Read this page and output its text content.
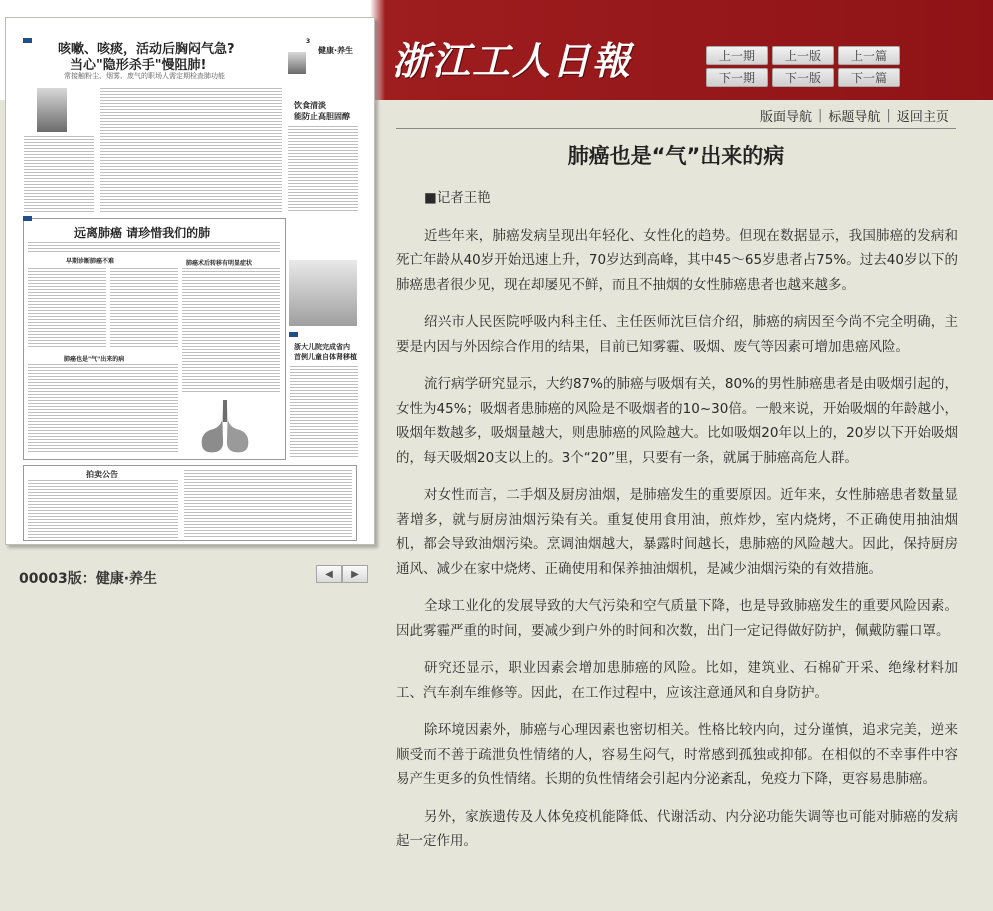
浙江工人日報	上一期	上一版	上一篇
下一期	下一版	下一篇

咳嗽、咳痰，活动后胸闷气急?
当心"隐形杀手"慢阻肺!
常接触粉尘、烟雾、废气的职场人需定期检查肺功能
3
健康·养生
饮食清淡
能防止高胆固醇

远离肺癌 请珍惜我们的肺
早期诊断肺癌不难	肺癌术后转移有明显症状
肺癌也是"气"出来的病

浙大儿院完成省内
首例儿童自体肾移植
拍卖公告
00003版：健康·养生	◀	▶
版面导航 | 标题导航 | 返回主页
肺癌也是“气”出来的病

■记者王艳

近些年来，肺癌发病呈现出年轻化、女性化的趋势。但现在数据显示，我国肺癌的发病和死亡年龄从40岁开始迅速上升，70岁达到高峰，其中45～65岁患者占75%。过去40岁以下的肺癌患者很少见，现在却屡见不鲜，而且不抽烟的女性肺癌患者也越来越多。

绍兴市人民医院呼吸内科主任、主任医师沈巨信介绍，肺癌的病因至今尚不完全明确，主要是内因与外因综合作用的结果，目前已知雾霾、吸烟、废气等因素可增加患癌风险。

流行病学研究显示，大约87%的肺癌与吸烟有关，80%的男性肺癌患者是由吸烟引起的，女性为45%；吸烟者患肺癌的风险是不吸烟者的10~30倍。一般来说，开始吸烟的年龄越小，吸烟年数越多，吸烟量越大，则患肺癌的风险越大。比如吸烟20年以上的，20岁以下开始吸烟的，每天吸烟20支以上的。3个“20”里，只要有一条，就属于肺癌高危人群。

对女性而言，二手烟及厨房油烟，是肺癌发生的重要原因。近年来，女性肺癌患者数量显著增多，就与厨房油烟污染有关。重复使用食用油，煎炸炒，室内烧烤，不正确使用抽油烟机，都会导致油烟污染。烹调油烟越大，暴露时间越长，患肺癌的风险越大。因此，保持厨房通风、减少在家中烧烤、正确使用和保养抽油烟机，是减少油烟污染的有效措施。

全球工业化的发展导致的大气污染和空气质量下降，也是导致肺癌发生的重要风险因素。因此雾霾严重的时间，要减少到户外的时间和次数，出门一定记得做好防护，佩戴防霾口罩。

研究还显示，职业因素会增加患肺癌的风险。比如，建筑业、石棉矿开采、绝缘材料加工、汽车刹车维修等。因此，在工作过程中，应该注意通风和自身防护。

除环境因素外，肺癌与心理因素也密切相关。性格比较内向，过分谨慎，追求完美，逆来顺受而不善于疏泄负性情绪的人，容易生闷气，时常感到孤独或抑郁。在相似的不幸事件中容易产生更多的负性情绪。长期的负性情绪会引起内分泌紊乱，免疫力下降，更容易患肺癌。

另外，家族遗传及人体免疫机能降低、代谢活动、内分泌功能失调等也可能对肺癌的发病起一定作用。
